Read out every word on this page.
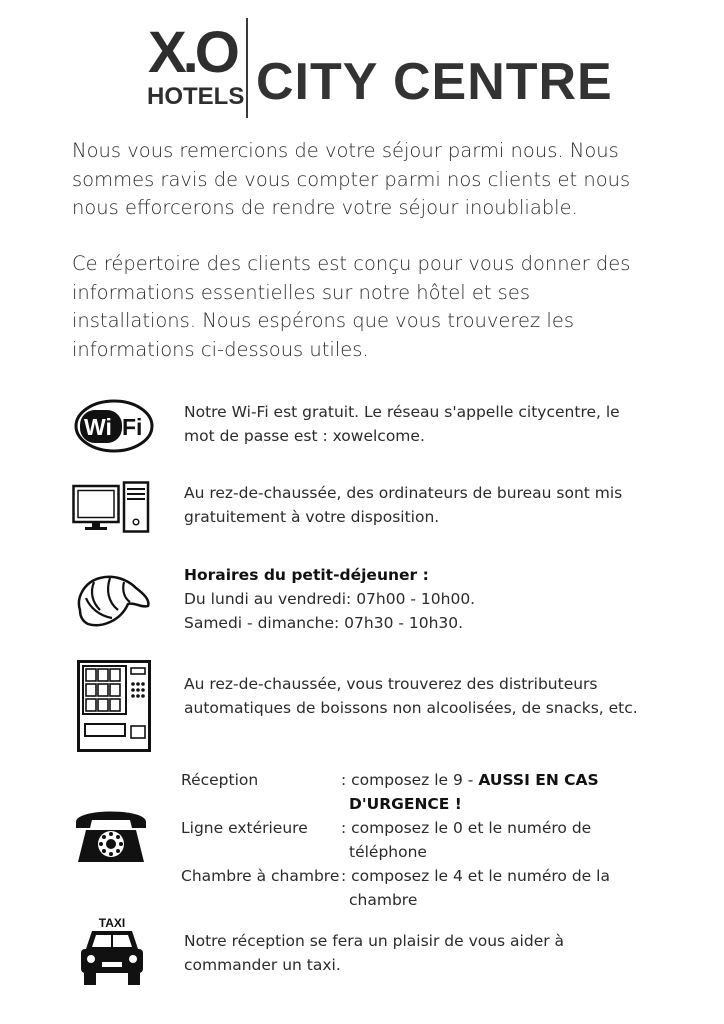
X.O
HOTELS CITY CENTRE

Nous vous remercions de votre séjour parmi nous. Nous sommes ravis de vous compter parmi nos clients et nous nous efforcerons de rendre votre séjour inoubliable.

Ce répertoire des clients est conçu pour vous donner des informations essentielles sur notre hôtel et ses installations. Nous espérons que vous trouverez les informations ci-dessous utiles.

Wi Fi

Notre Wi-Fi est gratuit. Le réseau s'appelle citycentre, le mot de passe est : xowelcome.

Au rez-de-chaussée, des ordinateurs de bureau sont mis gratuitement à votre disposition.

Horaires du petit-déjeuner :
Du lundi au vendredi: 07h00 - 10h00.
Samedi - dimanche: 07h30 - 10h30.

Au rez-de-chaussée, vous trouverez des distributeurs automatiques de boissons non alcoolisées, de snacks, etc.

Réception	: composez le 9 - AUSSI EN CAS D'URGENCE !
Ligne extérieure : composez le 0 et le numéro de téléphone
Chambre à chambre : composez le 4 et le numéro de la chambre
TAXI

Notre réception se fera un plaisir de vous aider à commander un taxi.
